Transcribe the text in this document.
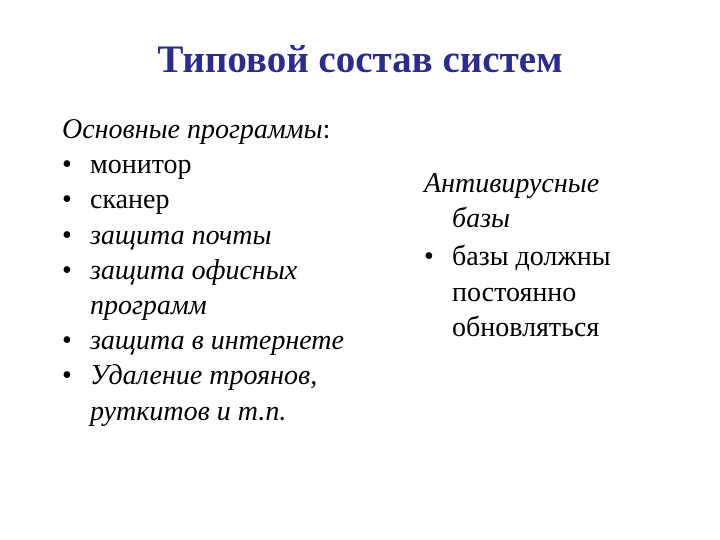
Типовой состав систем

Основные программы:

• монитор
• сканер
• защита почты
• защита офисных программ
• защита в интернете
• Удаление троянов, руткитов и т.п.

Антивирусные базы

• базы должны постоянно обновляться
